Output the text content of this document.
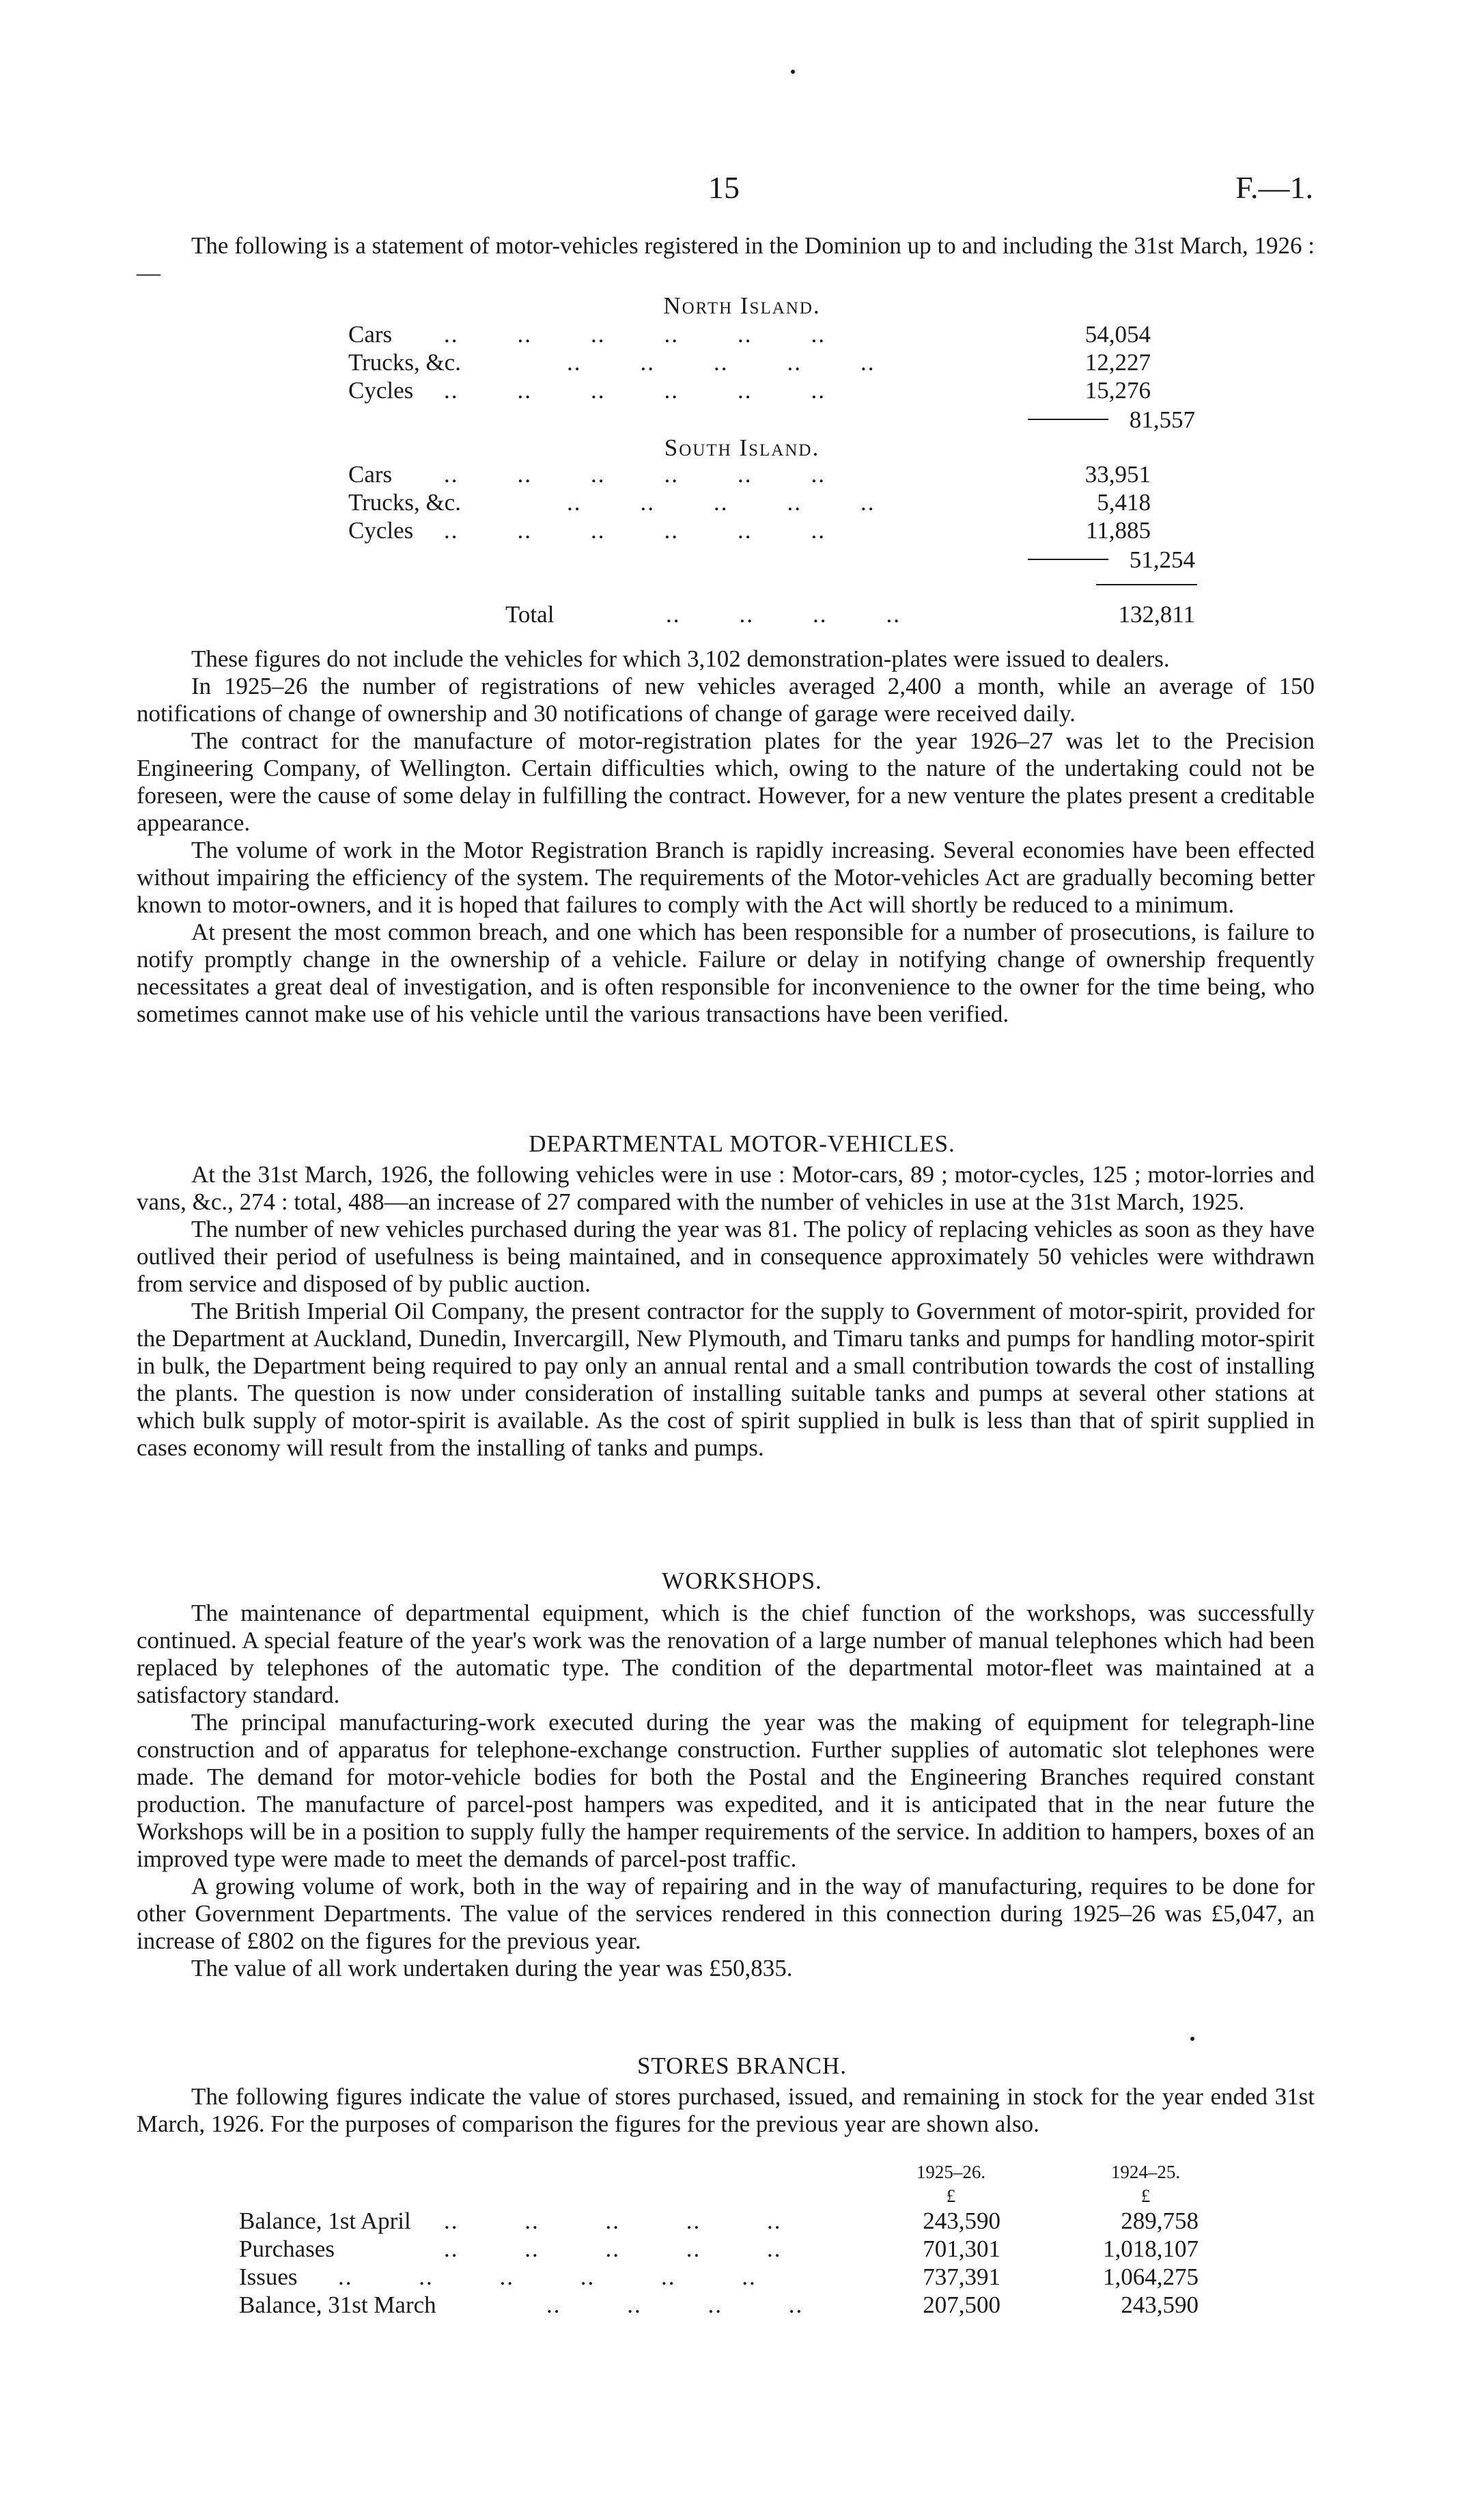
15	F.—1.

The following is a statement of motor-vehicles registered in the Dominion up to and including the 31st March, 1926 :—

North Island.
Cars ..        ..        ..        ..        ..        ..	54,054
Trucks, &c.	..        ..        ..        ..        ..	12,227
Cycles ..        ..        ..        ..        ..        ..	15,276
81,557
South Island.
Cars ..        ..        ..        ..        ..        ..	33,951
Trucks, &c.	..        ..        ..        ..        ..	5,418
Cycles ..        ..        ..        ..        ..        ..	11,885
51,254
Total	..        ..        ..        ..	132,811

These figures do not include the vehicles for which 3,102 demonstration-plates were issued to dealers.

In 1925–26 the number of registrations of new vehicles averaged 2,400 a month, while an average of 150 notifications of change of ownership and 30 notifications of change of garage were received daily.

The contract for the manufacture of motor-registration plates for the year 1926–27 was let to the Precision Engineering Company, of Wellington. Certain difficulties which, owing to the nature of the undertaking could not be foreseen, were the cause of some delay in fulfilling the contract. However, for a new venture the plates present a creditable appearance.

The volume of work in the Motor Registration Branch is rapidly increasing. Several economies have been effected without impairing the efficiency of the system. The requirements of the Motor-vehicles Act are gradually becoming better known to motor-owners, and it is hoped that failures to comply with the Act will shortly be reduced to a minimum.

At present the most common breach, and one which has been responsible for a number of prosecutions, is failure to notify promptly change in the ownership of a vehicle. Failure or delay in notifying change of ownership frequently necessitates a great deal of investigation, and is often responsible for inconvenience to the owner for the time being, who sometimes cannot make use of his vehicle until the various transactions have been verified.

DEPARTMENTAL MOTOR-VEHICLES.

At the 31st March, 1926, the following vehicles were in use : Motor-cars, 89 ; motor-cycles, 125 ; motor-lorries and vans, &c., 274 : total, 488—an increase of 27 compared with the number of vehicles in use at the 31st March, 1925.

The number of new vehicles purchased during the year was 81. The policy of replacing vehicles as soon as they have outlived their period of usefulness is being maintained, and in consequence approximately 50 vehicles were withdrawn from service and disposed of by public auction.

The British Imperial Oil Company, the present contractor for the supply to Government of motor-spirit, provided for the Department at Auckland, Dunedin, Invercargill, New Plymouth, and Timaru tanks and pumps for handling motor-spirit in bulk, the Department being required to pay only an annual rental and a small contribution towards the cost of installing the plants. The question is now under consideration of installing suitable tanks and pumps at several other stations at which bulk supply of motor-spirit is available. As the cost of spirit supplied in bulk is less than that of spirit supplied in cases economy will result from the installing of tanks and pumps.

WORKSHOPS.

The maintenance of departmental equipment, which is the chief function of the workshops, was successfully continued. A special feature of the year's work was the renovation of a large number of manual telephones which had been replaced by telephones of the automatic type. The condition of the departmental motor-fleet was maintained at a satisfactory standard.

The principal manufacturing-work executed during the year was the making of equipment for telegraph-line construction and of apparatus for telephone-exchange construction. Further supplies of automatic slot telephones were made. The demand for motor-vehicle bodies for both the Postal and the Engineering Branches required constant production. The manufacture of parcel-post hampers was expedited, and it is anticipated that in the near future the Workshops will be in a position to supply fully the hamper requirements of the service. In addition to hampers, boxes of an improved type were made to meet the demands of parcel-post traffic.

A growing volume of work, both in the way of repairing and in the way of manufacturing, requires to be done for other Government Departments. The value of the services rendered in this connection during 1925–26 was £5,047, an increase of £802 on the figures for the previous year.

The value of all work undertaken during the year was £50,835.

STORES BRANCH.

The following figures indicate the value of stores purchased, issued, and remaining in stock for the year ended 31st March, 1926. For the purposes of comparison the figures for the previous year are shown also.

1925–26.	1924–25.
£	£
Balance, 1st April ..         ..         ..         ..         ..	243,590	289,758
Purchases	..         ..         ..         ..         ..	701,301	1,018,107
Issues ..         ..         ..         ..         ..         ..	737,391	1,064,275
Balance, 31st March	..         ..         ..         ..	207,500	243,590
